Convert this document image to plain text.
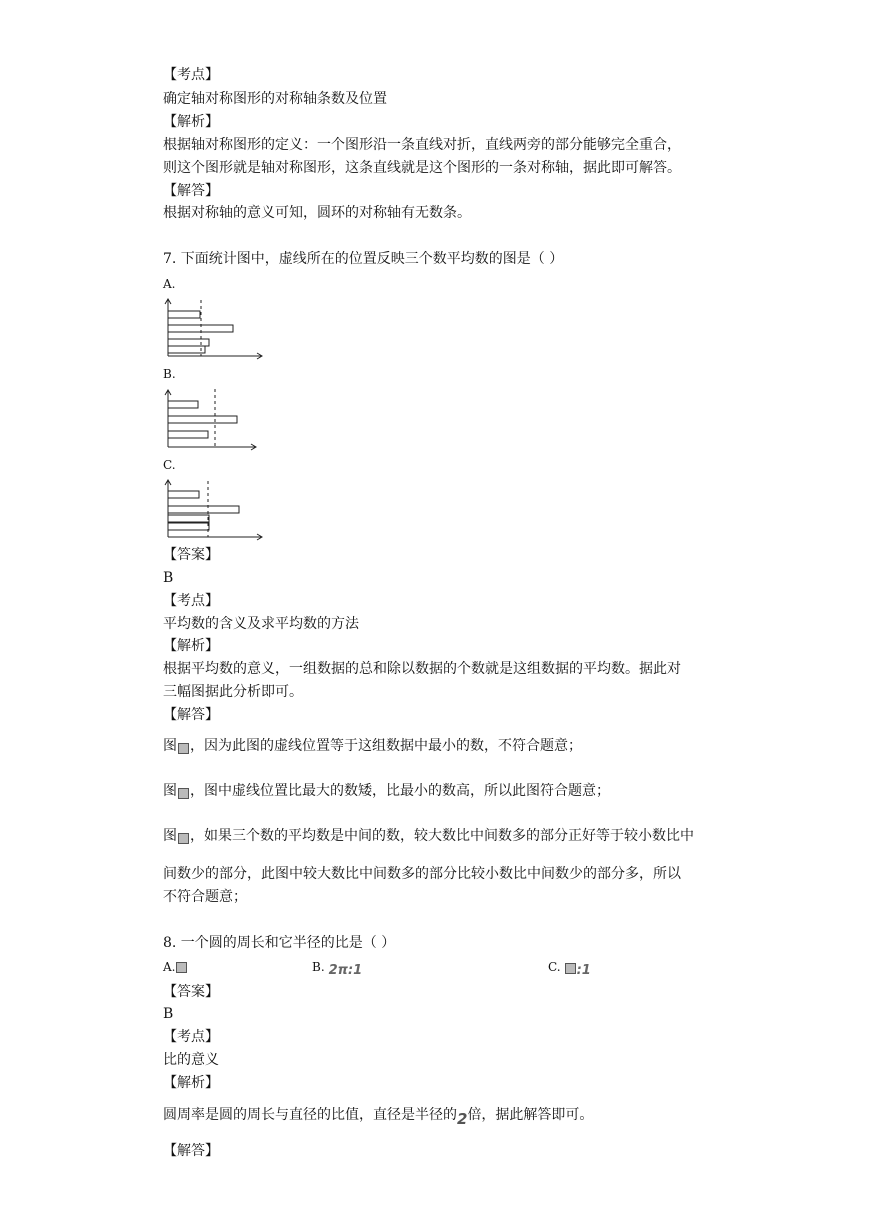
【考点】
确定轴对称图形的对称轴条数及位置
【解析】
根据轴对称图形的定义：一个图形沿一条直线对折，直线两旁的部分能够完全重合，
则这个图形就是轴对称图形，这条直线就是这个图形的一条对称轴，据此即可解答。
【解答】
根据对称轴的意义可知，圆环的对称轴有无数条。
7. 下面统计图中，虚线所在的位置反映三个数平均数的图是（ ）
A.
B.
C.
【答案】
B
【考点】
平均数的含义及求平均数的方法
【解析】
根据平均数的意义，一组数据的总和除以数据的个数就是这组数据的平均数。据此对
三幅图据此分析即可。
【解答】
图 ，因为此图的虚线位置等于这组数据中最小的数，不符合题意；
图 ，图中虚线位置比最大的数矮，比最小的数高，所以此图符合题意；
图 ，如果三个数的平均数是中间的数，较大数比中间数多的部分正好等于较小数比中
间数少的部分，此图中较大数比中间数多的部分比较小数比中间数少的部分多，所以
不符合题意；
8. 一个圆的周长和它半径的比是（ ）
A.	B. 2π:1	C. :1
【答案】
B
【考点】
比的意义
【解析】
圆周率是圆的周长与直径的比值，直径是半径的2倍，据此解答即可。
【解答】
